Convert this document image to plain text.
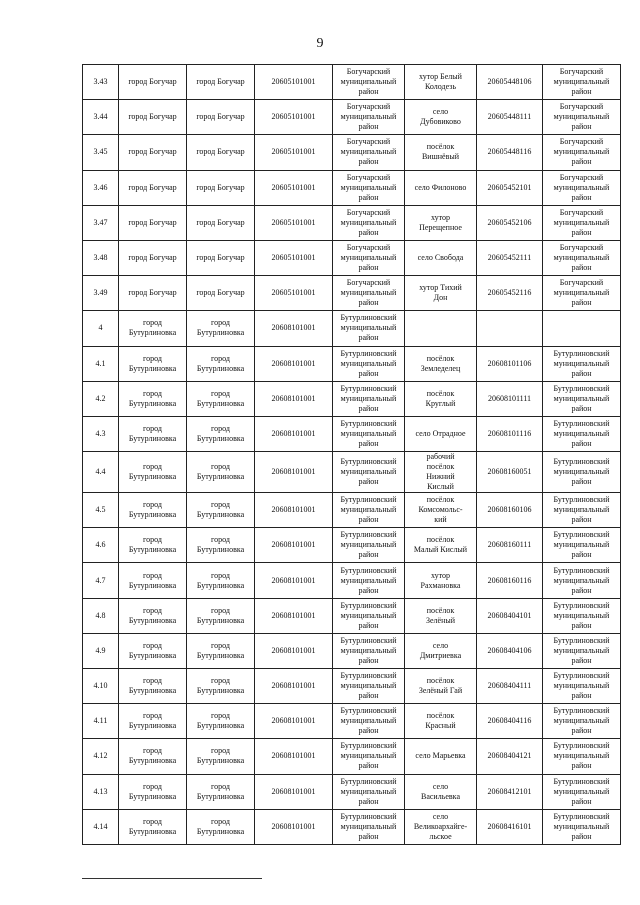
9
3.43	город Богучар	город Богучар	20605101001	Богучарский
муниципальный
район	хутор Белый
Колодезь	20605448106	Богучарский
муниципальный
район
3.44	город Богучар	город Богучар	20605101001	Богучарский
муниципальный
район	село
Дубовиково	20605448111	Богучарский
муниципальный
район
3.45	город Богучар	город Богучар	20605101001	Богучарский
муниципальный
район	посёлок
Вишнёвый	20605448116	Богучарский
муниципальный
район
3.46	город Богучар	город Богучар	20605101001	Богучарский
муниципальный
район	село Филоново	20605452101	Богучарский
муниципальный
район
3.47	город Богучар	город Богучар	20605101001	Богучарский
муниципальный
район	хутор
Перещепное	20605452106	Богучарский
муниципальный
район
3.48	город Богучар	город Богучар	20605101001	Богучарский
муниципальный
район	село Свобода	20605452111	Богучарский
муниципальный
район
3.49	город Богучар	город Богучар	20605101001	Богучарский
муниципальный
район	хутор Тихий
Дон	20605452116	Богучарский
муниципальный
район
4	город
Бутурлиновка	город
Бутурлиновка	20608101001	Бутурлиновский
муниципальный
район			
4.1	город
Бутурлиновка	город
Бутурлиновка	20608101001	Бутурлиновский
муниципальный
район	посёлок
Земледелец	20608101106	Бутурлиновский
муниципальный
район
4.2	город
Бутурлиновка	город
Бутурлиновка	20608101001	Бутурлиновский
муниципальный
район	посёлок
Круглый	20608101111	Бутурлиновский
муниципальный
район
4.3	город
Бутурлиновка	город
Бутурлиновка	20608101001	Бутурлиновский
муниципальный
район	село Отрадное	20608101116	Бутурлиновский
муниципальный
район
4.4	город
Бутурлиновка	город
Бутурлиновка	20608101001	Бутурлиновский
муниципальный
район	рабочий
посёлок
Нижний
Кислый	20608160051	Бутурлиновский
муниципальный
район
4.5	город
Бутурлиновка	город
Бутурлиновка	20608101001	Бутурлиновский
муниципальный
район	посёлок
Комсомольс-
кий	20608160106	Бутурлиновский
муниципальный
район
4.6	город
Бутурлиновка	город
Бутурлиновка	20608101001	Бутурлиновский
муниципальный
район	посёлок
Малый Кислый	20608160111	Бутурлиновский
муниципальный
район
4.7	город
Бутурлиновка	город
Бутурлиновка	20608101001	Бутурлиновский
муниципальный
район	хутор
Рахмановка	20608160116	Бутурлиновский
муниципальный
район
4.8	город
Бутурлиновка	город
Бутурлиновка	20608101001	Бутурлиновский
муниципальный
район	посёлок
Зелёный	20608404101	Бутурлиновский
муниципальный
район
4.9	город
Бутурлиновка	город
Бутурлиновка	20608101001	Бутурлиновский
муниципальный
район	село
Дмитриевка	20608404106	Бутурлиновский
муниципальный
район
4.10	город
Бутурлиновка	город
Бутурлиновка	20608101001	Бутурлиновский
муниципальный
район	посёлок
Зелёный Гай	20608404111	Бутурлиновский
муниципальный
район
4.11	город
Бутурлиновка	город
Бутурлиновка	20608101001	Бутурлиновский
муниципальный
район	посёлок
Красный	20608404116	Бутурлиновский
муниципальный
район
4.12	город
Бутурлиновка	город
Бутурлиновка	20608101001	Бутурлиновский
муниципальный
район	село Марьевка	20608404121	Бутурлиновский
муниципальный
район
4.13	город
Бутурлиновка	город
Бутурлиновка	20608101001	Бутурлиновский
муниципальный
район	село
Васильевка	20608412101	Бутурлиновский
муниципальный
район
4.14	город
Бутурлиновка	город
Бутурлиновка	20608101001	Бутурлиновский
муниципальный
район	село
Великоархайге-
льское	20608416101	Бутурлиновский
муниципальный
район
